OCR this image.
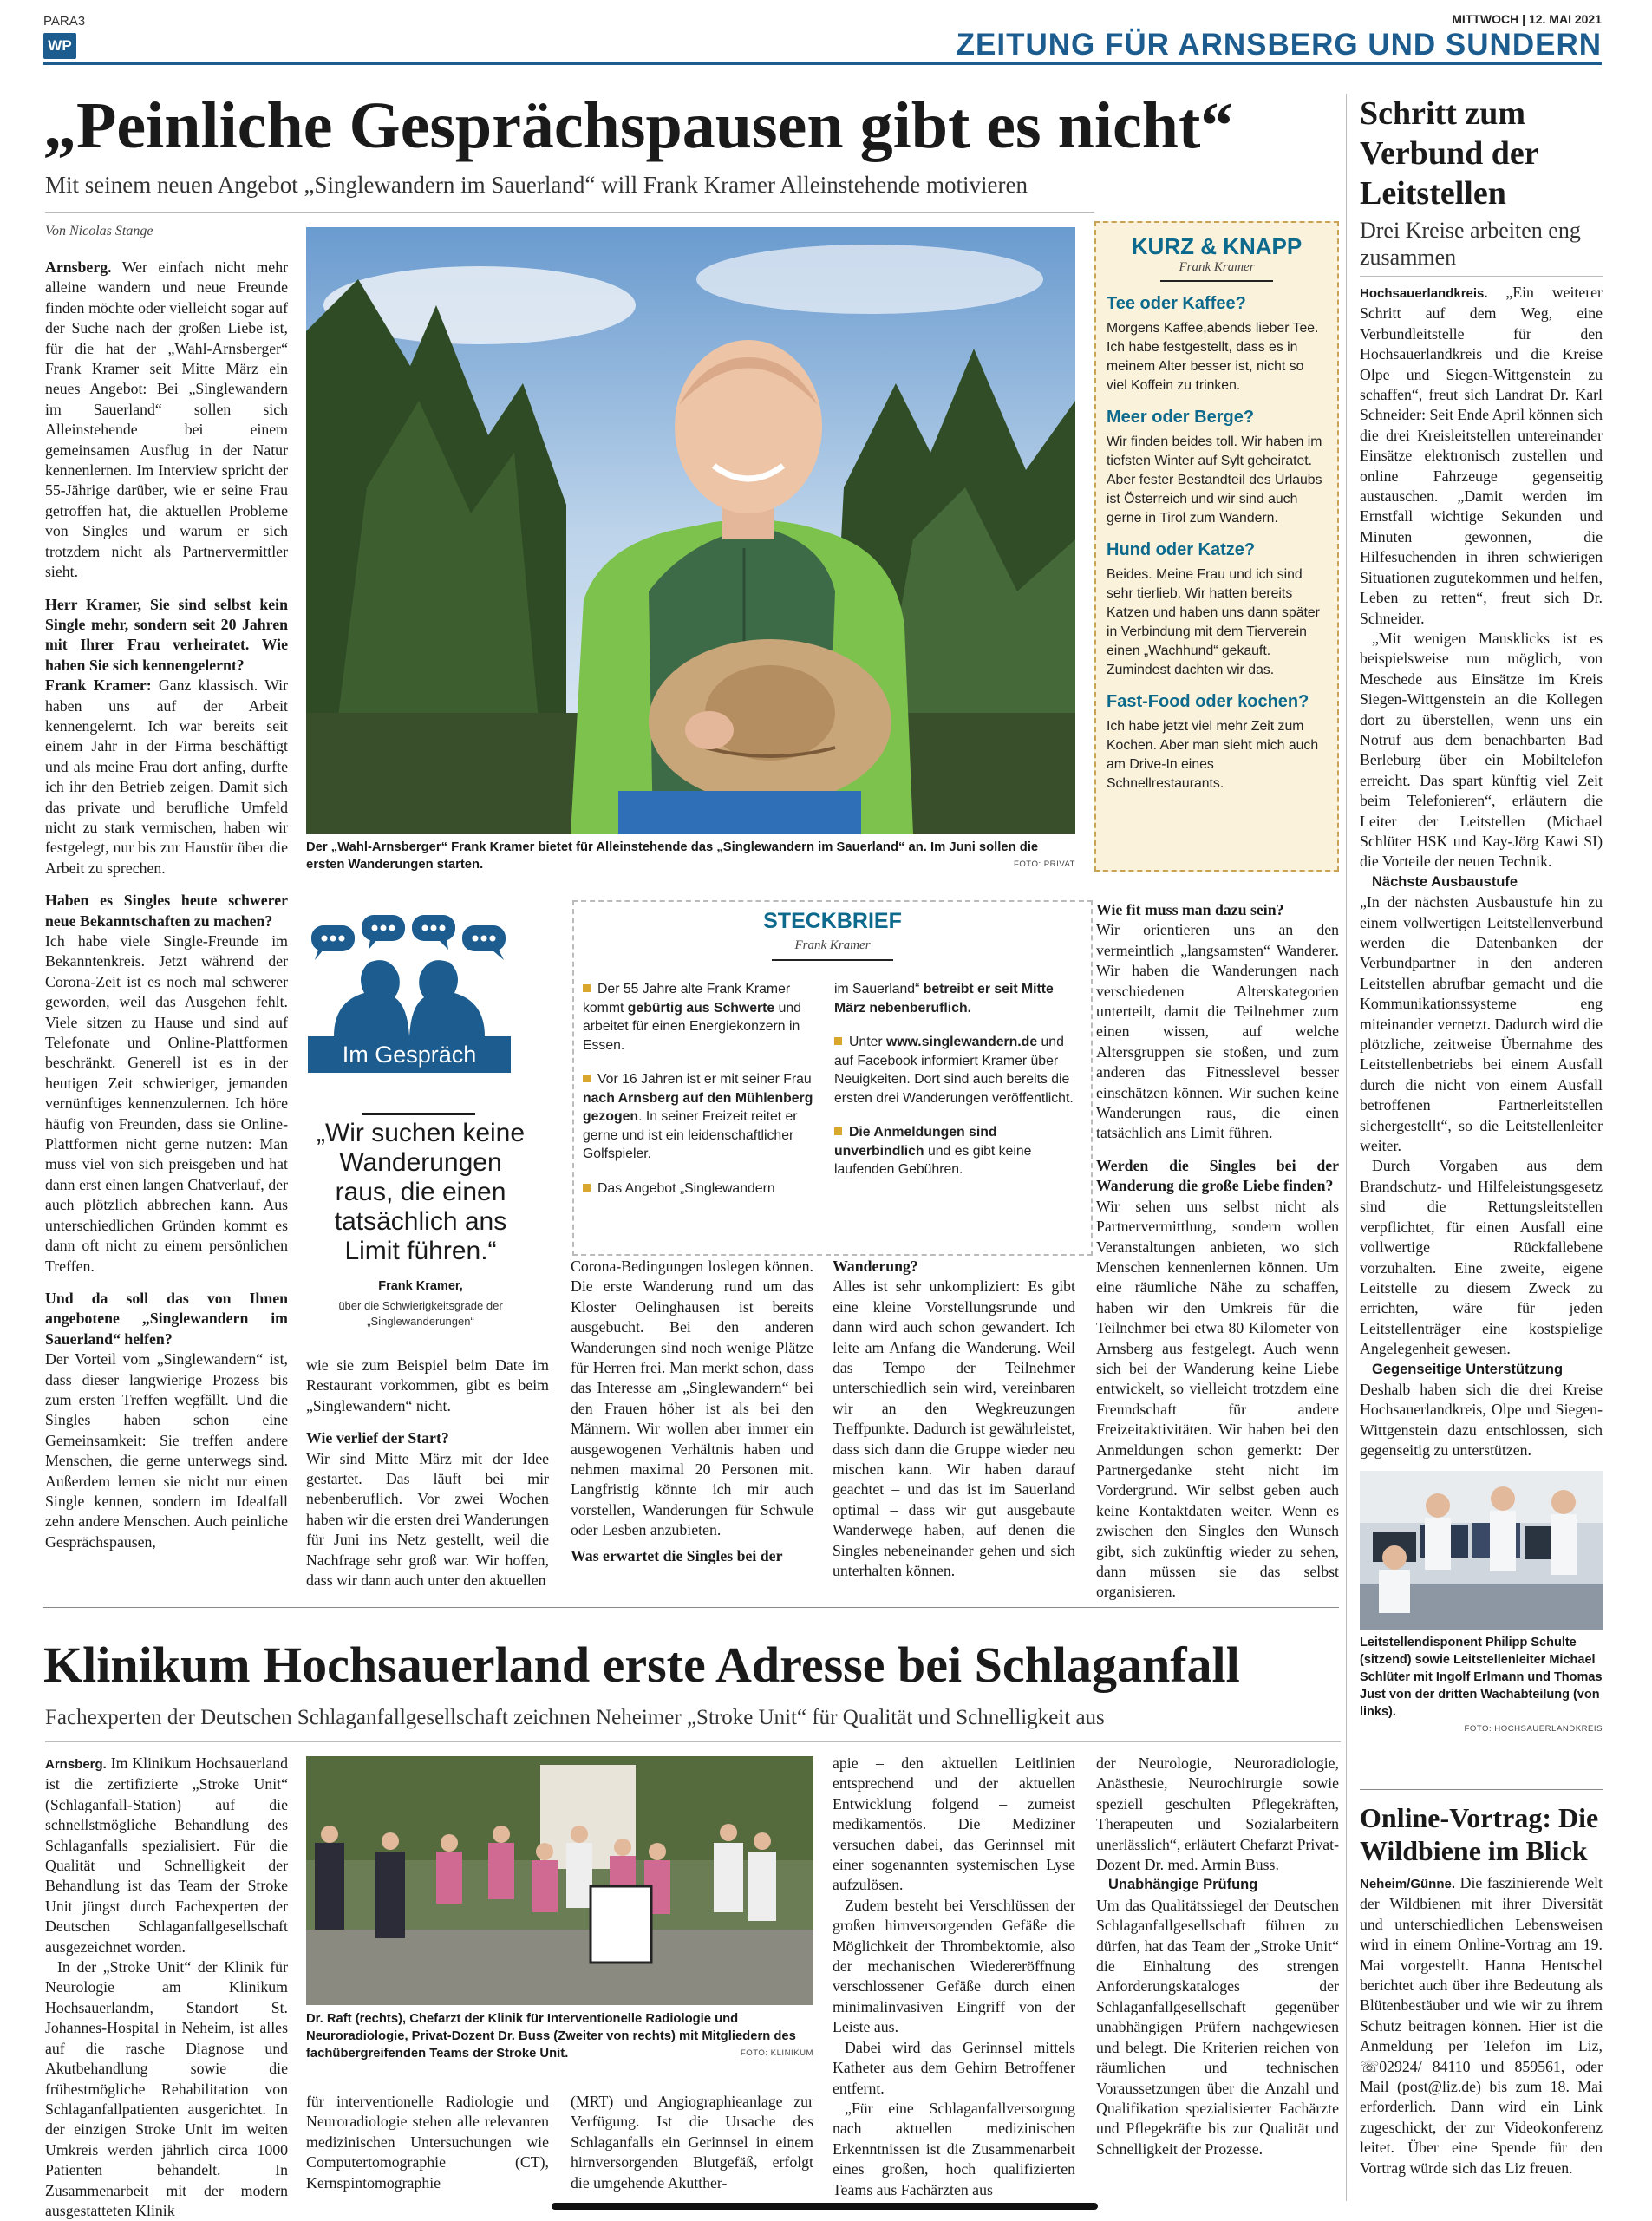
PARA3
WP
MITTWOCH | 12. MAI 2021
ZEITUNG FÜR ARNSBERG UND SUNDERN
„Peinliche Gesprächspausen gibt es nicht“
Mit seinem neuen Angebot „Singlewandern im Sauerland“ will Frank Kramer Alleinstehende motivieren
Von Nicolas Stange

Arnsberg. Wer einfach nicht mehr alleine wandern und neue Freunde finden möchte oder vielleicht sogar auf der Suche nach der großen Liebe ist, für die hat der „Wahl-Arnsberger“ Frank Kramer seit Mitte März ein neues Angebot: Bei „Singlewandern im Sauerland“ sollen sich Alleinstehende bei einem gemeinsamen Ausflug in der Natur kennenlernen. Im Interview spricht der 55-Jährige darüber, wie er seine Frau getroffen hat, die aktuellen Probleme von Singles und warum er sich trotzdem nicht als Partnervermittler sieht.

Herr Kramer, Sie sind selbst kein Single mehr, sondern seit 20 Jahren mit Ihrer Frau verheiratet. Wie haben Sie sich kennengelernt?

Frank Kramer: Ganz klassisch. Wir haben uns auf der Arbeit kennengelernt. Ich war bereits seit einem Jahr in der Firma beschäftigt und als meine Frau dort anfing, durfte ich ihr den Betrieb zeigen. Damit sich das private und berufliche Umfeld nicht zu stark vermischen, haben wir festgelegt, nur bis zur Haustür über die Arbeit zu sprechen.

Haben es Singles heute schwerer neue Bekanntschaften zu machen?

Ich habe viele Single-Freunde im Bekanntenkreis. Jetzt während der Corona-Zeit ist es noch mal schwerer geworden, weil das Ausgehen fehlt. Viele sitzen zu Hause und sind auf Telefonate und Online-Plattformen beschränkt. Generell ist es in der heutigen Zeit schwieriger, jemanden vernünftiges kennenzulernen. Ich höre häufig von Freunden, dass sie Online-Plattformen nicht gerne nutzen: Man muss viel von sich preisgeben und hat dann erst einen langen Chatverlauf, der auch plötzlich abbrechen kann. Aus unterschiedlichen Gründen kommt es dann oft nicht zu einem persönlichen Treffen.

Und da soll das von Ihnen angebotene „Singlewandern im Sauerland“ helfen?

Der Vorteil vom „Singlewandern“ ist, dass dieser langwierige Prozess bis zum ersten Treffen wegfällt. Und die Singles haben schon eine Gemeinsamkeit: Sie treffen andere Menschen, die gerne unterwegs sind. Außerdem lernen sie nicht nur einen Single kennen, sondern im Idealfall zehn andere Menschen. Auch peinliche Gesprächspausen,

Der „Wahl-Arnsberger“ Frank Kramer bietet für Alleinstehende das „Singlewandern im Sauerland“ an. Im Juni sollen die ersten Wanderungen starten.	FOTO: PRIVAT
Im Gespräch
„Wir suchen keine Wanderungen raus, die einen tatsächlich ans Limit führen.“
Frank Kramer,
über die Schwierigkeitsgrade der „Singlewanderungen“

wie sie zum Beispiel beim Date im Restaurant vorkommen, gibt es beim „Singlewandern“ nicht.

Wie verlief der Start?

Wir sind Mitte März mit der Idee gestartet. Das läuft bei mir nebenberuflich. Vor zwei Wochen haben wir die ersten drei Wanderungen für Juni ins Netz gestellt, weil die Nachfrage sehr groß war. Wir hoffen, dass wir dann auch unter den aktuellen

STECKBRIEF
Frank Kramer

Der 55 Jahre alte Frank Kramer kommt gebürtig aus Schwerte und arbeitet für einen Energiekonzern in Essen.

Vor 16 Jahren ist er mit seiner Frau nach Arnsberg auf den Mühlenberg gezogen. In seiner Freizeit reitet er gerne und ist ein leidenschaftlicher Golfspieler.

Das Angebot „Singlewandern

im Sauerland“ betreibt er seit Mitte März nebenberuflich.

Unter www.singlewandern.de und auf Facebook informiert Kramer über Neuigkeiten. Dort sind auch bereits die ersten drei Wanderungen veröffentlicht.

Die Anmeldungen sind unverbindlich und es gibt keine laufenden Gebühren.

Corona-Bedingungen loslegen können. Die erste Wanderung rund um das Kloster Oelinghausen ist bereits ausgebucht. Bei den anderen Wanderungen sind noch wenige Plätze für Herren frei. Man merkt schon, dass das Interesse am „Singlewandern“ bei den Frauen höher ist als bei den Männern. Wir wollen aber immer ein ausgewogenen Verhältnis haben und nehmen maximal 20 Personen mit. Langfristig könnte ich mir auch vorstellen, Wanderungen für Schwule oder Lesben anzubieten.

Was erwartet die Singles bei der

Wanderung?

Alles ist sehr unkompliziert: Es gibt eine kleine Vorstellungsrunde und dann wird auch schon gewandert. Ich leite am Anfang die Wanderung. Weil das Tempo der Teilnehmer unterschiedlich sein wird, vereinbaren wir an den Wegkreuzungen Treffpunkte. Dadurch ist gewährleistet, dass sich dann die Gruppe wieder neu mischen kann. Wir haben darauf geachtet – und das ist im Sauerland optimal – dass wir gut ausgebaute Wanderwege haben, auf denen die Singles nebeneinander gehen und sich unterhalten können.

KURZ & KNAPP
Frank Kramer
Tee oder Kaffee?

Morgens Kaffee,abends lieber Tee. Ich habe festgestellt, dass es in meinem Alter besser ist, nicht so viel Koffein zu trinken.

Meer oder Berge?

Wir finden beides toll. Wir haben im tiefsten Winter auf Sylt geheiratet. Aber fester Bestandteil des Urlaubs ist Österreich und wir sind auch gerne in Tirol zum Wandern.

Hund oder Katze?

Beides. Meine Frau und ich sind sehr tierlieb. Wir hatten bereits Katzen und haben uns dann später in Verbindung mit dem Tierverein einen „Wachhund“ gekauft. Zumindest dachten wir das.

Fast-Food oder kochen?

Ich habe jetzt viel mehr Zeit zum Kochen. Aber man sieht mich auch am Drive-In eines Schnellrestaurants.

Wie fit muss man dazu sein?

Wir orientieren uns an den vermeintlich „langsamsten“ Wanderer. Wir haben die Wanderungen nach verschiedenen Alterskategorien unterteilt, damit die Teilnehmer zum einen wissen, auf welche Altersgruppen sie stoßen, und zum anderen das Fitnesslevel besser einschätzen können. Wir suchen keine Wanderungen raus, die einen tatsächlich ans Limit führen.

Werden die Singles bei der Wanderung die große Liebe finden?

Wir sehen uns selbst nicht als Partnervermittlung, sondern wollen Veranstaltungen anbieten, wo sich Menschen kennenlernen können. Um eine räumliche Nähe zu schaffen, haben wir den Umkreis für die Teilnehmer bei etwa 80 Kilometer von Arnsberg aus festgelegt. Auch wenn sich bei der Wanderung keine Liebe entwickelt, so vielleicht trotzdem eine Freundschaft für andere Freizeitaktivitäten. Wir haben bei den Anmeldungen schon gemerkt: Der Partnergedanke steht nicht im Vordergrund. Wir selbst geben auch keine Kontaktdaten weiter. Wenn es zwischen den Singles den Wunsch gibt, sich zukünftig wieder zu sehen, dann müssen sie das selbst organisieren.

Schritt zum Verbund der Leitstellen
Drei Kreise arbeiten eng zusammen

Hochsauerlandkreis. „Ein weiterer Schritt auf dem Weg, eine Verbundleitstelle für den Hochsauerlandkreis und die Kreise Olpe und Siegen-Wittgenstein zu schaffen“, freut sich Landrat Dr. Karl Schneider: Seit Ende April können sich die drei Kreisleitstellen untereinander Einsätze elektronisch zustellen und online Fahrzeuge gegenseitig austauschen. „Damit werden im Ernstfall wichtige Sekunden und Minuten gewonnen, die Hilfesuchenden in ihren schwierigen Situationen zugutekommen und helfen, Leben zu retten“, freut sich Dr. Schneider.

„Mit wenigen Mausklicks ist es beispielsweise nun möglich, von Meschede aus Einsätze im Kreis Siegen-Wittgenstein an die Kollegen dort zu überstellen, wenn uns ein Notruf aus dem benachbarten Bad Berleburg über ein Mobiltelefon erreicht. Das spart künftig viel Zeit beim Telefonieren“, erläutern die Leiter der Leitstellen (Michael Schlüter HSK und Kay-Jörg Kawi SI) die Vorteile der neuen Technik.

Nächste Ausbaustufe

„In der nächsten Ausbaustufe hin zu einem vollwertigen Leitstellenverbund werden die Datenbanken der Verbundpartner in den anderen Leitstellen abrufbar gemacht und die Kommunikationssysteme eng miteinander vernetzt. Dadurch wird die plötzliche, zeitweise Übernahme des Leitstellenbetriebs bei einem Ausfall durch die nicht von einem Ausfall betroffenen Partnerleitstellen sichergestellt“, so die Leitstellenleiter weiter.

Durch Vorgaben aus dem Brandschutz- und Hilfeleistungsgesetz sind die Rettungsleitstellen verpflichtet, für einen Ausfall eine vollwertige Rückfallebene vorzuhalten. Eine zweite, eigene Leitstelle zu diesem Zweck zu errichten, wäre für jeden Leitstellenträger eine kostspielige Angelegenheit gewesen.

Gegenseitige Unterstützung

Deshalb haben sich die drei Kreise Hochsauerlandkreis, Olpe und Siegen-Wittgenstein dazu entschlossen, sich gegenseitig zu unterstützen.

Leitstellendisponent Philipp Schulte (sitzend) sowie Leitstellenleiter Michael Schlüter mit Ingolf Erlmann und Thomas Just von der dritten Wachabteilung (von links).
FOTO: HOCHSAUERLANDKREIS
Online-Vortrag: Die Wildbiene im Blick

Neheim/Günne. Die faszinierende Welt der Wildbienen mit ihrer Diversität und unterschiedlichen Lebensweisen wird in einem Online-Vortrag am 19. Mai vorgestellt. Hanna Hentschel berichtet auch über ihre Bedeutung als Blütenbestäuber und wie wir zu ihrem Schutz beitragen können. Hier ist die Anmeldung per Telefon im Liz, ☏02924/ 84110 und 859561, oder Mail (post@liz.de) bis zum 18. Mai erforderlich. Dann wird ein Link zugeschickt, der zur Videokonferenz leitet. Über eine Spende für den Vortrag würde sich das Liz freuen.

Klinikum Hochsauerland erste Adresse bei Schlaganfall
Fachexperten der Deutschen Schlaganfallgesellschaft zeichnen Neheimer „Stroke Unit“ für Qualität und Schnelligkeit aus

Arnsberg. Im Klinikum Hochsauerland ist die zertifizierte „Stroke Unit“ (Schlaganfall-Station) auf die schnellstmögliche Behandlung des Schlaganfalls spezialisiert. Für die Qualität und Schnelligkeit der Behandlung ist das Team der Stroke Unit jüngst durch Fachexperten der Deutschen Schlaganfallgesellschaft ausgezeichnet worden.

In der „Stroke Unit“ der Klinik für Neurologie am Klinikum Hochsauerlandm, Standort St. Johannes-Hospital in Neheim, ist alles auf die rasche Diagnose und Akutbehandlung sowie die frühestmögliche Rehabilitation von Schlaganfallpatienten ausgerichtet. In der einzigen Stroke Unit im weiten Umkreis werden jährlich circa 1000 Patienten behandelt. In Zusammenarbeit mit der modern ausgestatteten Klinik

Dr. Raft (rechts), Chefarzt der Klinik für Interventionelle Radiologie und Neuroradiologie, Privat-Dozent Dr. Buss (Zweiter von rechts) mit Mitgliedern des fachübergreifenden Teams der Stroke Unit.	FOTO: KLINIKUM

für interventionelle Radiologie und Neuroradiologie stehen alle relevanten medizinischen Untersuchungen wie Computertomographie (CT), Kernspintomographie

(MRT) und Angiographieanlage zur Verfügung. Ist die Ursache des Schlaganfalls ein Gerinnsel in einem hirnversorgenden Blutgefäß, erfolgt die umgehende Akutther-

apie – den aktuellen Leitlinien entsprechend und der aktuellen Entwicklung folgend – zumeist medikamentös. Die Mediziner versuchen dabei, das Gerinnsel mit einer sogenannten systemischen Lyse aufzulösen.

Zudem besteht bei Verschlüssen der großen hirnversorgenden Gefäße die Möglichkeit der Thrombektomie, also der mechanischen Wiedereröffnung verschlossener Gefäße durch einen minimalinvasiven Eingriff von der Leiste aus.

Dabei wird das Gerinnsel mittels Katheter aus dem Gehirn Betroffener entfernt.

„Für eine Schlaganfallversorgung nach aktuellen medizinischen Erkenntnissen ist die Zusammenarbeit eines großen, hoch qualifizierten Teams aus Fachärzten aus

der Neurologie, Neuroradiologie, Anästhesie, Neurochirurgie sowie speziell geschulten Pflegekräften, Therapeuten und Sozialarbeitern unerlässlich“, erläutert Chefarzt Privat-Dozent Dr. med. Armin Buss.

Unabhängige Prüfung

Um das Qualitätssiegel der Deutschen Schlaganfallgesellschaft führen zu dürfen, hat das Team der „Stroke Unit“ die Einhaltung des strengen Anforderungskataloges der Schlaganfallgesellschaft gegenüber unabhängigen Prüfern nachgewiesen und belegt. Die Kriterien reichen von räumlichen und technischen Voraussetzungen über die Anzahl und Qualifikation spezialisierter Fachärzte und Pflegekräfte bis zur Qualität und Schnelligkeit der Prozesse.
